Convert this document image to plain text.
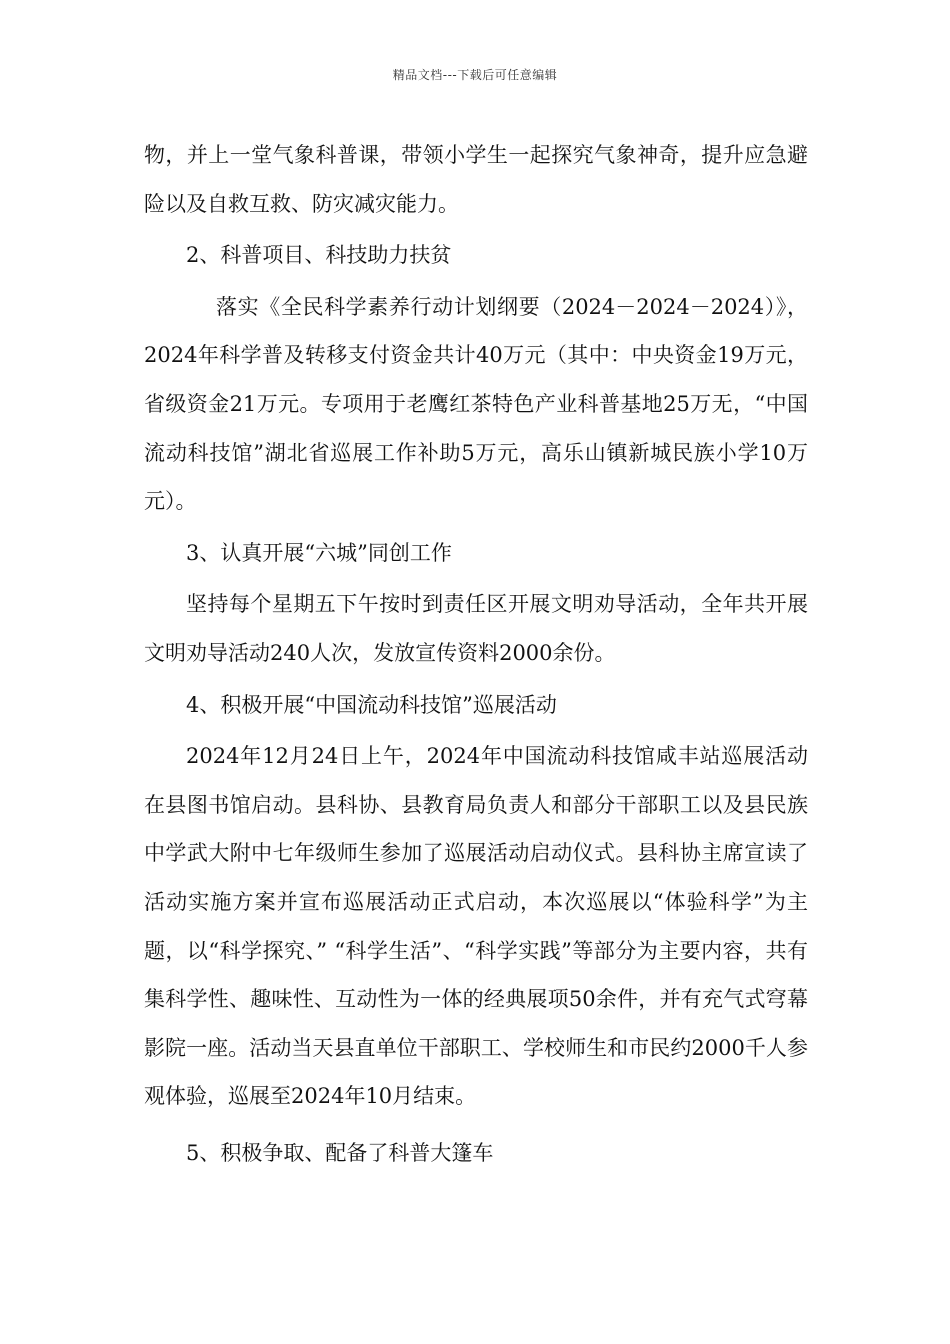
精品文档---下载后可任意编辑

物，并上一堂气象科普课，带领小学生一起探究气象神奇，提升应急避险以及自救互救、防灾减灾能力。

2、科普项目、科技助力扶贫

落实《全民科学素养行动计划纲要（2024－2024－2024）》，2024年科学普及转移支付资金共计40万元（其中：中央资金19万元，省级资金21万元。专项用于老鹰红茶特色产业科普基地25万无，“中国流动科技馆”湖北省巡展工作补助5万元，高乐山镇新城民族小学10万元）。

3、认真开展“六城”同创工作

坚持每个星期五下午按时到责任区开展文明劝导活动，全年共开展文明劝导活动240人次，发放宣传资料2000余份。

4、积极开展“中国流动科技馆”巡展活动

2024年12月24日上午，2024年中国流动科技馆咸丰站巡展活动在县图书馆启动。县科协、县教育局负责人和部分干部职工以及县民族中学武大附中七年级师生参加了巡展活动启动仪式。县科协主席宣读了活动实施方案并宣布巡展活动正式启动，本次巡展以“体验科学”为主题，以“科学探究、” “科学生活”、“科学实践”等部分为主要内容，共有集科学性、趣味性、互动性为一体的经典展项50余件，并有充气式穹幕影院一座。活动当天县直单位干部职工、学校师生和市民约2000千人参观体验，巡展至2024年10月结束。

5、积极争取、配备了科普大篷车
